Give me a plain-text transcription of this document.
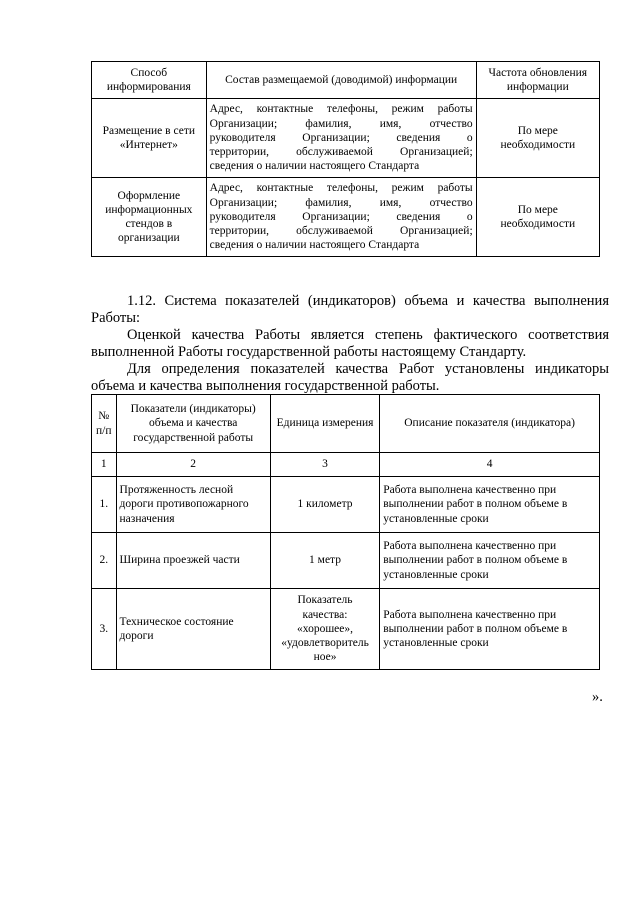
Способ информирования	Состав размещаемой (доводимой) информации	Частота обновления информации
Размещение в сети «Интернет»	Адрес, контактные телефоны, режим работы
Организации; фамилия, имя, отчество
руководителя Организации; сведения о
территории, обслуживаемой Организацией;
сведения о наличии настоящего Стандарта	По мере необходимости
Оформление информационных стендов в организации	Адрес, контактные телефоны, режим работы
Организации; фамилия, имя, отчество
руководителя Организации; сведения о
территории, обслуживаемой Организацией;
сведения о наличии настоящего Стандарта	По мере необходимости
1.12. Система показателей (индикаторов) объема и качества выполнения
Работы:
Оценкой качества Работы является степень фактического соответствия
выполненной Работы государственной работы настоящему Стандарту.
Для определения показателей качества Работ установлены индикаторы
объема и качества выполнения государственной работы.
№ п/п	Показатели (индикаторы) объема и качества государственной работы	Единица измерения	Описание показателя (индикатора)
1	2	3	4
1.	Протяженность лесной дороги противопожарного назначения	1 километр	Работа выполнена качественно при выполнении работ в полном объеме в установленные сроки
2.	Ширина проезжей части	1 метр	Работа выполнена качественно при выполнении работ в полном объеме в установленные сроки
3.	Техническое состояние дороги	Показатель
качества:
«хорошее»,
«удовлетворитель
ное»	Работа выполнена качественно при выполнении работ в полном объеме в установленные сроки
».
